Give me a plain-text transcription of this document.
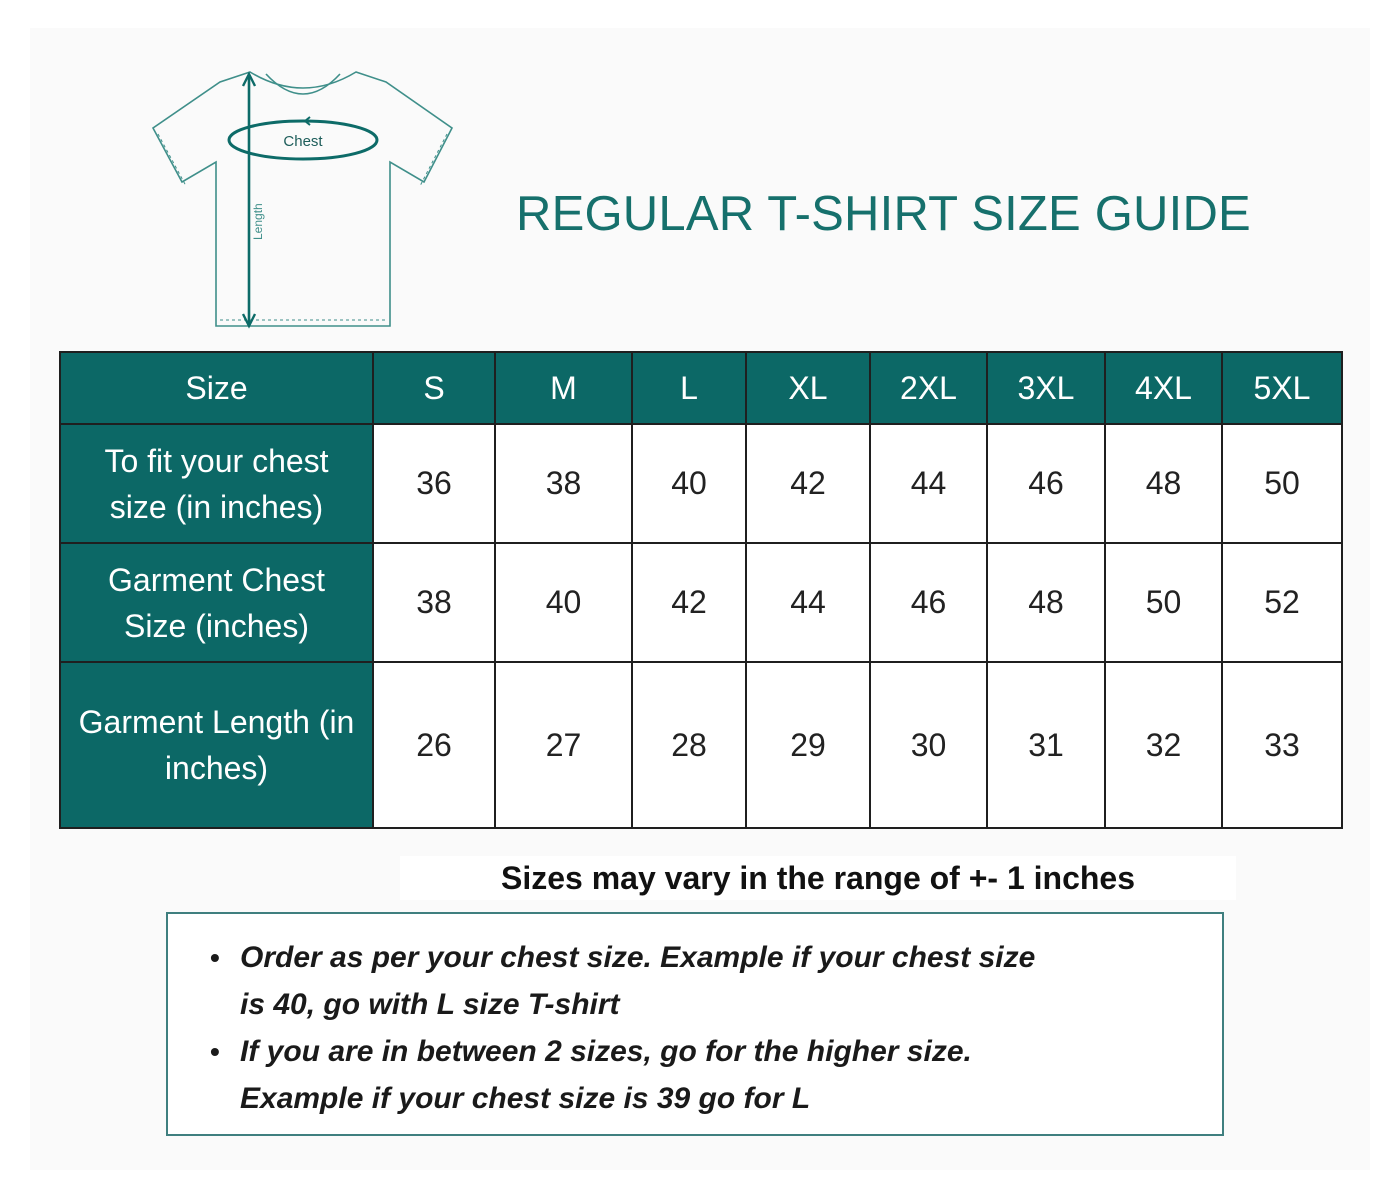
Chest
Length	REGULAR T-SHIRT SIZE GUIDE
Size	S	M	L	XL	2XL	3XL	4XL	5XL
To fit your chest
size (in inches)	36	38	40	42	44	46	48	50
Garment Chest
Size (inches)	38	40	42	44	46	48	50	52
Garment Length (in
inches)	26	27	28	29	30	31	32	33
Sizes may vary in the range of +- 1 inches
• Order as per your chest size. Example if your chest size
is 40, go with L size T-shirt
• If you are in between 2 sizes, go for the higher size.
Example if your chest size is 39 go for L
